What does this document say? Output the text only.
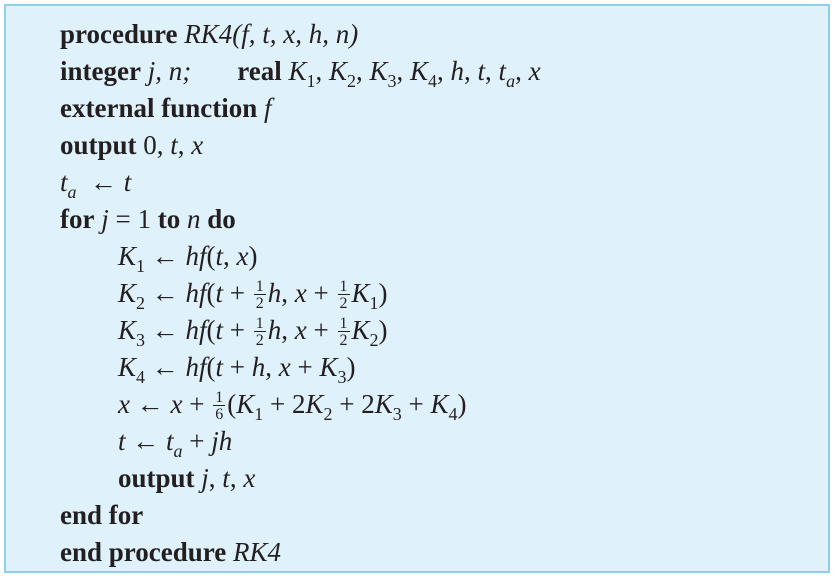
procedure RK4(f, t, x, h, n)
integer j, n; real $K_1$, $K_2$, $K_3$, $K_4$, h, t, $t_a$, x
external function f
output 0, t, x
$t_a$  ← t
for j = 1 to n do
$K_1$ ← hf(t, x)
$K_2$ ← $hf(t + \frac{1}{2} h$, $x + \frac{1}{2} K_1$)
$K_3$ ← $hf(t + \frac{1}{2} h$, $x + \frac{1}{2} K_2$)
$K_4$ ← hf(t + h, $x + K_3$)
x ← $x + \frac{1}{6} (K_1 + 2K_2 + 2K_3 + K_4)$
t ← $t_a$ + jh
output j, t, x
end for
end procedure RK4
